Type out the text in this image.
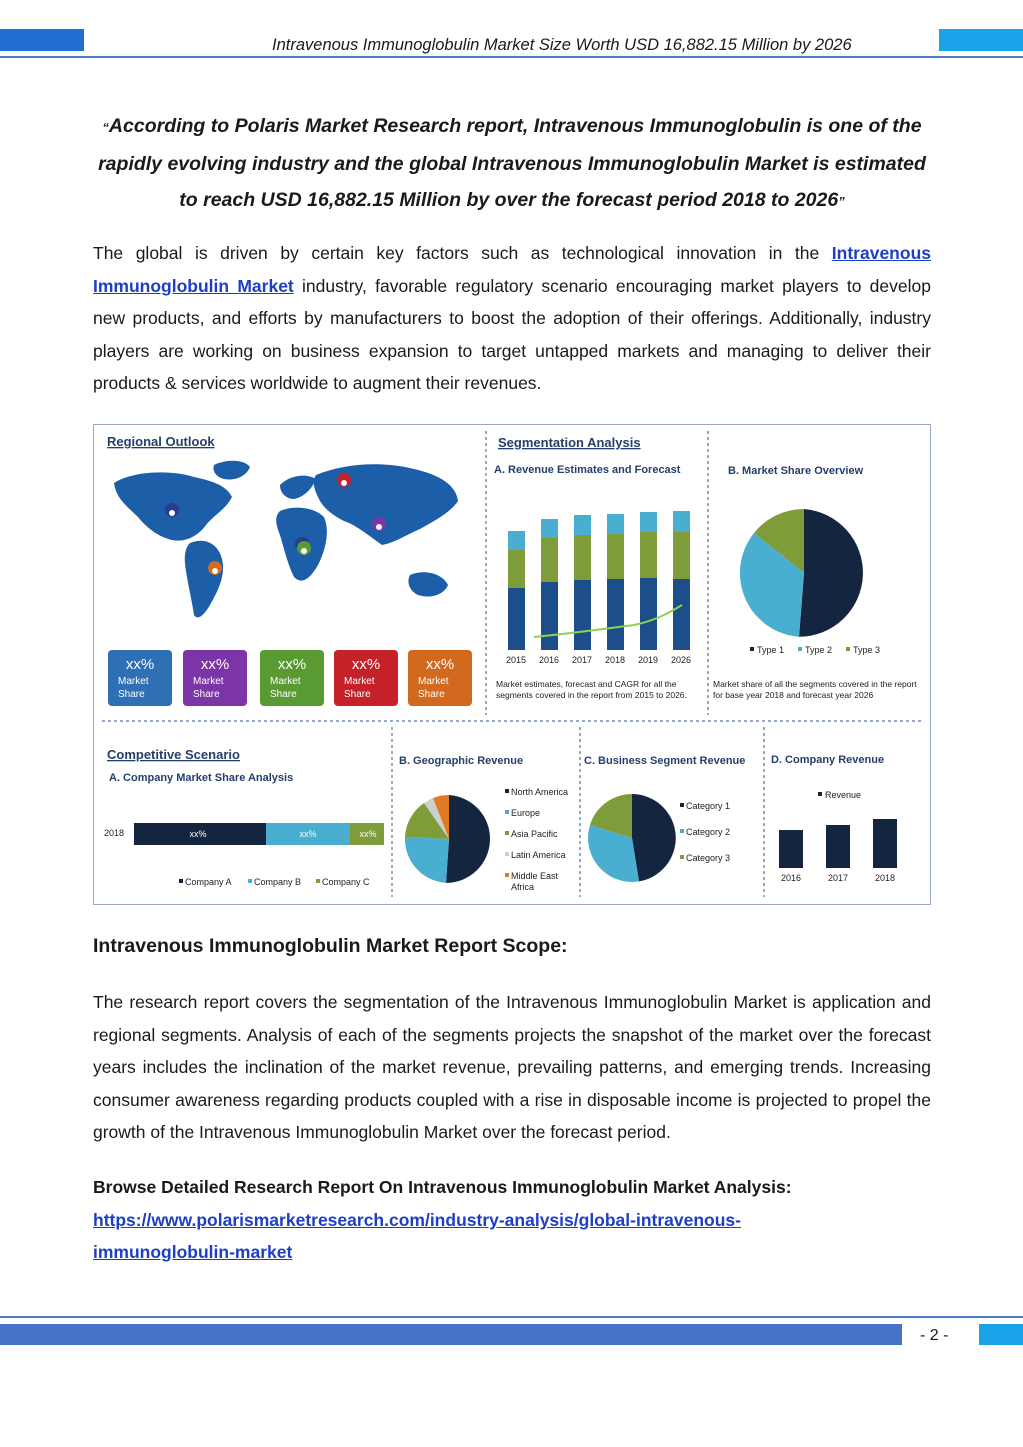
Intravenous Immunoglobulin Market Size Worth USD 16,882.15 Million by 2026
“According to Polaris Market Research report, Intravenous Immunoglobulin is one of the rapidly evolving industry and the global Intravenous Immunoglobulin Market is estimated to reach USD 16,882.15 Million by over the forecast period 2018 to 2026”
The global is driven by certain key factors such as technological innovation in the Intravenous Immunoglobulin Market industry, favorable regulatory scenario encouraging market players to develop new products, and efforts by manufacturers to boost the adoption of their offerings. Additionally, industry players are working on business expansion to target untapped markets and managing to deliver their products & services worldwide to augment their revenues.
Regional Outlook
xx%
Market
Share
xx%
Market
Share
xx%
Market
Share
xx%
Market
Share
xx%
Market
Share
Segmentation Analysis
A. Revenue Estimates and Forecast
2015 2016 2017 2018 2019 2026
Market estimates, forecast and CAGR for all the segments covered in the report from 2015 to 2026.
B. Market Share Overview
Type 1 Type 2 Type 3
Market share of all the segments covered in the report for base year 2018 and forecast year 2026
Competitive Scenario
A. Company Market Share Analysis
2018	xx%	xx%	xx%
Company A Company B Company C
B. Geographic Revenue
North America
Europe
Asia Pacific
Latin America
Middle East
Africa
C. Business Segment Revenue
Category 1
Category 2
Category 3
D. Company Revenue
Revenue
2016	2017	2018
Intravenous Immunoglobulin Market Report Scope:
The research report covers the segmentation of the Intravenous Immunoglobulin Market is application and regional segments. Analysis of each of the segments projects the snapshot of the market over the forecast years includes the inclination of the market revenue, prevailing patterns, and emerging trends. Increasing consumer awareness regarding products coupled with a rise in disposable income is projected to propel the growth of the Intravenous Immunoglobulin Market over the forecast period.
Browse Detailed Research Report On Intravenous Immunoglobulin Market Analysis:
https://www.polarismarketresearch.com/industry-analysis/global-intravenous-
immunoglobulin-market
- 2 -
